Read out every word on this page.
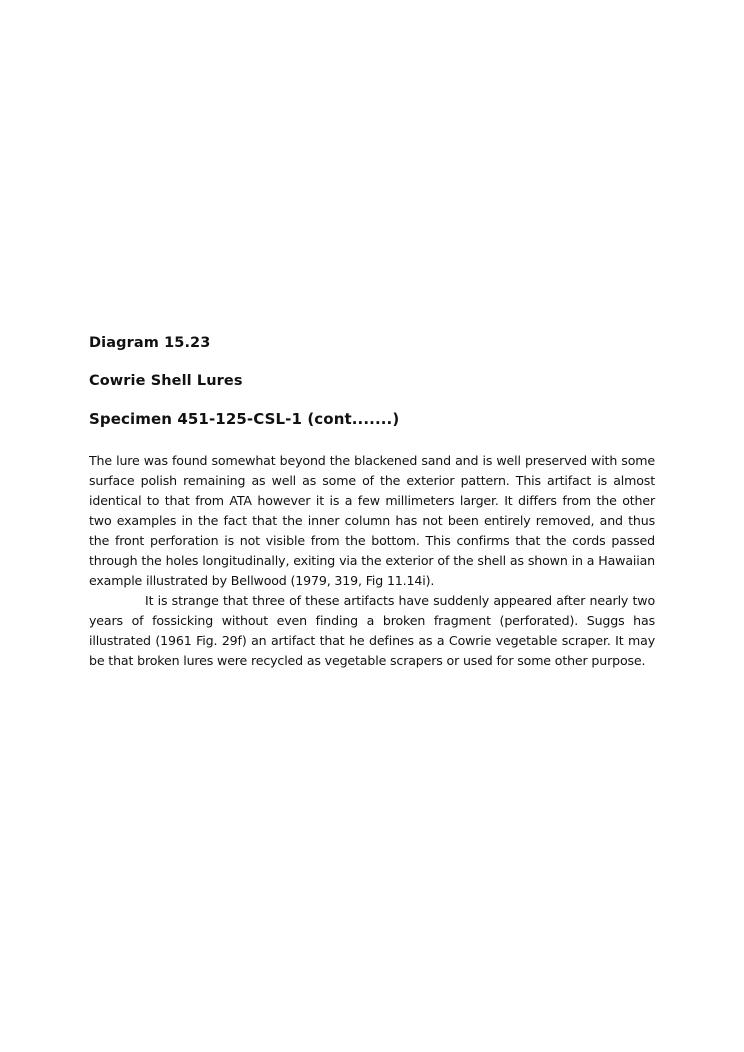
Diagram 15.23
Cowrie Shell Lures
Specimen 451-125-CSL-1 (cont.......)

The lure was found somewhat beyond the blackened sand and is well preserved with some surface polish remaining as well as some of the exterior pattern. This artifact is almost identical to that from ATA however it is a few millimeters larger. It differs from the other two examples in the fact that the inner column has not been entirely removed, and thus the front perforation is not visible from the bottom. This confirms that the cords passed through the holes longitudinally, exiting via the exterior of the shell as shown in a Hawaiian example illustrated by Bellwood (1979, 319, Fig 11.14i).

It is strange that three of these artifacts have suddenly appeared after nearly two years of fossicking without even finding a broken fragment (perforated). Suggs has illustrated (1961 Fig. 29f) an artifact that he defines as a Cowrie vegetable scraper. It may be that broken lures were recycled as vegetable scrapers or used for some other purpose.
